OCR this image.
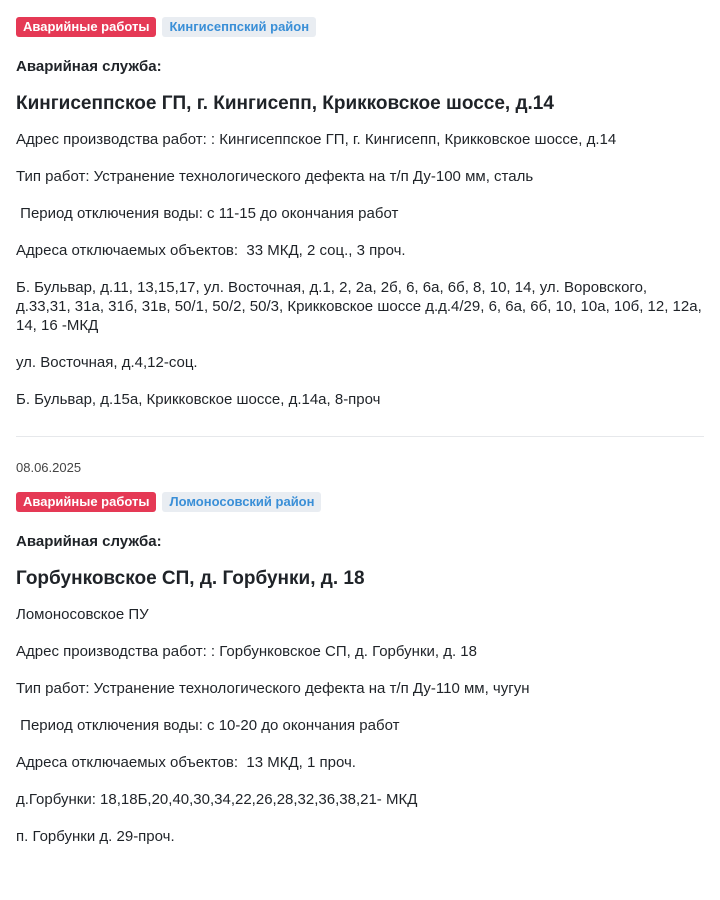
Аварийные работы	Кингисеппский район
Аварийная служба:
Кингисеппское ГП, г. Кингисепп, Крикковское шоссе, д.14
Адрес производства работ: : Кингисеппское ГП, г. Кингисепп, Крикковское шоссе, д.14
Тип работ: Устранение технологического дефекта на т/п Ду-100 мм, сталь
Период отключения воды: с 11-15 до окончания работ
Адреса отключаемых объектов:  33 МКД, 2 соц., 3 проч.
Б. Бульвар, д.11, 13,15,17, ул. Восточная, д.1, 2, 2а, 2б, 6, 6а, 6б, 8, 10, 14, ул. Воровского, д.33,31, 31а, 31б, 31в, 50/1, 50/2, 50/3, Крикковское шоссе д.д.4/29, 6, 6а, 6б, 10, 10а, 10б, 12, 12а, 14, 16 -МКД
ул. Восточная, д.4,12-соц.
Б. Бульвар, д.15а, Крикковское шоссе, д.14а, 8-проч
08.06.2025
Аварийные работы	Ломоносовский район
Аварийная служба:
Горбунковское СП, д. Горбунки, д. 18
Ломоносовское ПУ
Адрес производства работ: : Горбунковское СП, д. Горбунки, д. 18
Тип работ: Устранение технологического дефекта на т/п Ду-110 мм, чугун
Период отключения воды: с 10-20 до окончания работ
Адреса отключаемых объектов:  13 МКД, 1 проч.
д.Горбунки: 18,18Б,20,40,30,34,22,26,28,32,36,38,21- МКД
п. Горбунки д. 29-проч.
